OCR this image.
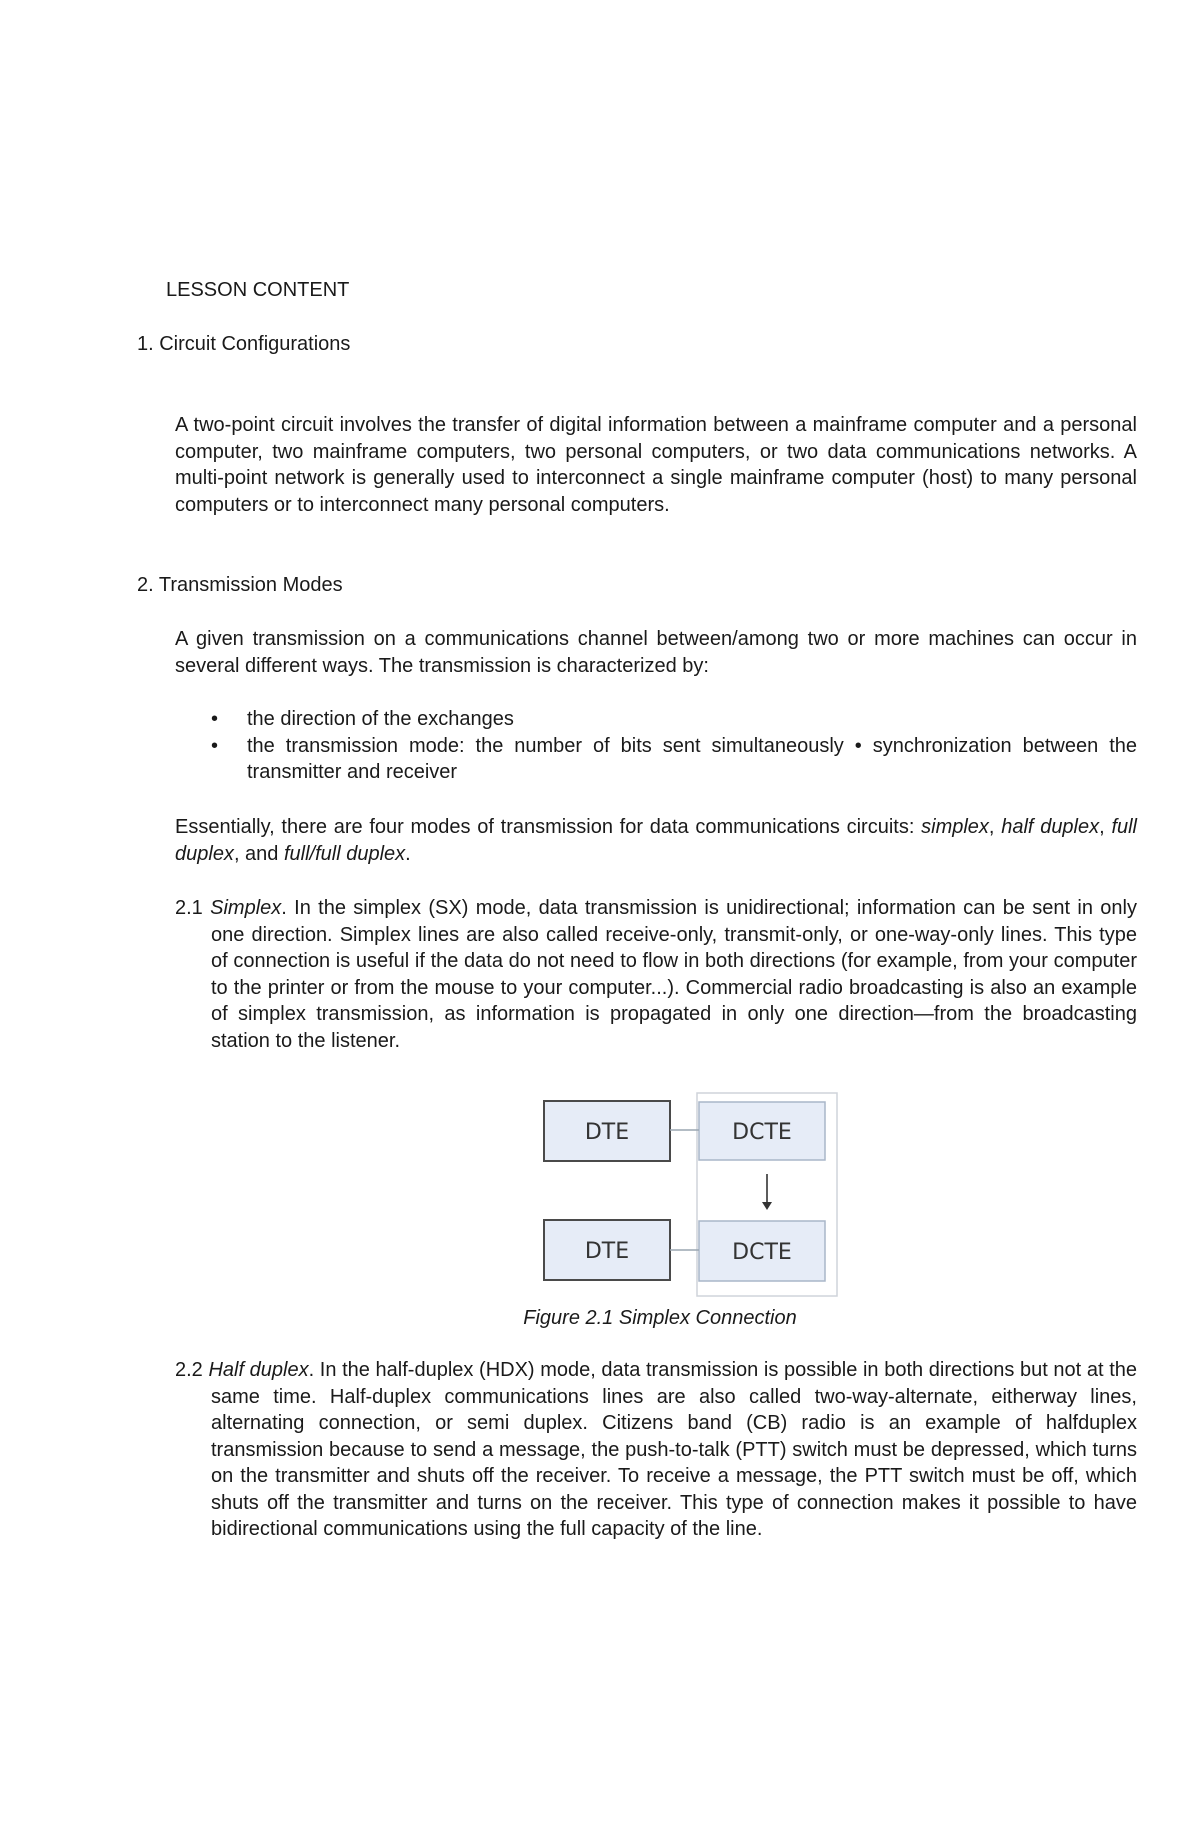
LESSON CONTENT
1. Circuit Configurations
A two-point circuit involves the transfer of digital information between a mainframe computer and a personal computer, two mainframe computers, two personal computers, or two data communications networks. A multi-point network is generally used to interconnect a single mainframe computer (host) to many personal computers or to interconnect many personal computers.
2. Transmission Modes
A given transmission on a communications channel between/among two or more machines can occur in several different ways. The transmission is characterized by:
• the direction of the exchanges
• the transmission mode: the number of bits sent simultaneously • synchronization between the transmitter and receiver
Essentially, there are four modes of transmission for data communications circuits: simplex, half duplex, full duplex, and full/full duplex.
2.1 Simplex. In the simplex (SX) mode, data transmission is unidirectional; information can be sent in only one direction. Simplex lines are also called receive-only, transmit-only, or one-way-only lines. This type of connection is useful if the data do not need to flow in both directions (for example, from your computer to the printer or from the mouse to your computer...). Commercial radio broadcasting is also an example of simplex transmission, as information is propagated in only one direction—from the broadcasting station to the listener.
DTE
DTE
DCTE
DCTE
Figure 2.1 Simplex Connection
2.2 Half duplex. In the half-duplex (HDX) mode, data transmission is possible in both directions but not at the same time. Half-duplex communications lines are also called two-way-alternate, eitherway lines, alternating connection, or semi duplex. Citizens band (CB) radio is an example of halfduplex transmission because to send a message, the push-to-talk (PTT) switch must be depressed, which turns on the transmitter and shuts off the receiver. To receive a message, the PTT switch must be off, which shuts off the transmitter and turns on the receiver. This type of connection makes it possible to have bidirectional communications using the full capacity of the line.
